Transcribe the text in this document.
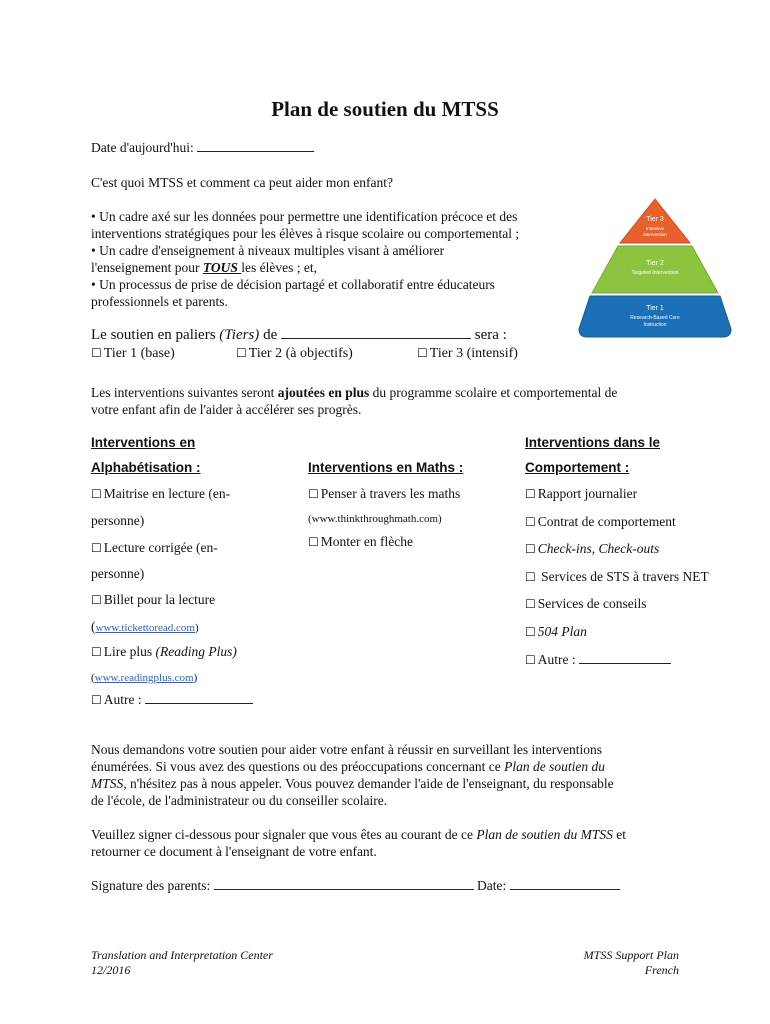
Plan de soutien du MTSS
Date d'aujourd'hui:
C'est quoi MTSS et comment ca peut aider mon enfant?
• Un cadre axé sur les données pour permettre une identification précoce et des
interventions stratégiques pour les élèves à risque scolaire ou comportemental ;
• Un cadre d'enseignement à niveaux multiples visant à améliorer
l'enseignement pour TOUS les élèves ; et,
• Un processus de prise de décision partagé et collaboratif entre éducateurs
professionnels et parents.
Tier 3
Intensive
Intervention
Tier 2
Targeted Intervention
Tier 1
Research-Based Core
Instruction
Le soutien en paliers (Tiers) de	sera :
☐ Tier 1 (base)	☐ Tier 2 (à objectifs)	☐ Tier 3 (intensif)
Les interventions suivantes seront ajoutées en plus du programme scolaire et comportemental de
votre enfant afin de l'aider à accélérer ses progrès.
Interventions en
Alphabétisation :
☐ Maitrise en lecture (en-
personne)
☐ Lecture corrigée (en-
personne)
☐ Billet pour la lecture
(www.tickettoread.com)
☐ Lire plus (Reading Plus)
(www.readingplus.com)
☐ Autre :
Interventions en Maths :
☐ Penser à travers les maths
(www.thinkthroughmath.com)
☐ Monter en flèche
Interventions dans le
Comportement :
☐ Rapport journalier
☐ Contrat de comportement
☐ Check-ins, Check-outs
☐ Services de STS à travers NET
☐ Services de conseils
☐ 504 Plan
☐ Autre :
Nous demandons votre soutien pour aider votre enfant à réussir en surveillant les interventions
énumérées. Si vous avez des questions ou des préoccupations concernant ce Plan de soutien du
MTSS, n'hésitez pas à nous appeler. Vous pouvez demander l'aide de l'enseignant, du responsable
de l'école, de l'administrateur ou du conseiller scolaire.
Veuillez signer ci-dessous pour signaler que vous êtes au courant de ce Plan de soutien du MTSS et
retourner ce document à l'enseignant de votre enfant.
Signature des parents:	Date:
Translation and Interpretation Center
12/2016
MTSS Support Plan
French
